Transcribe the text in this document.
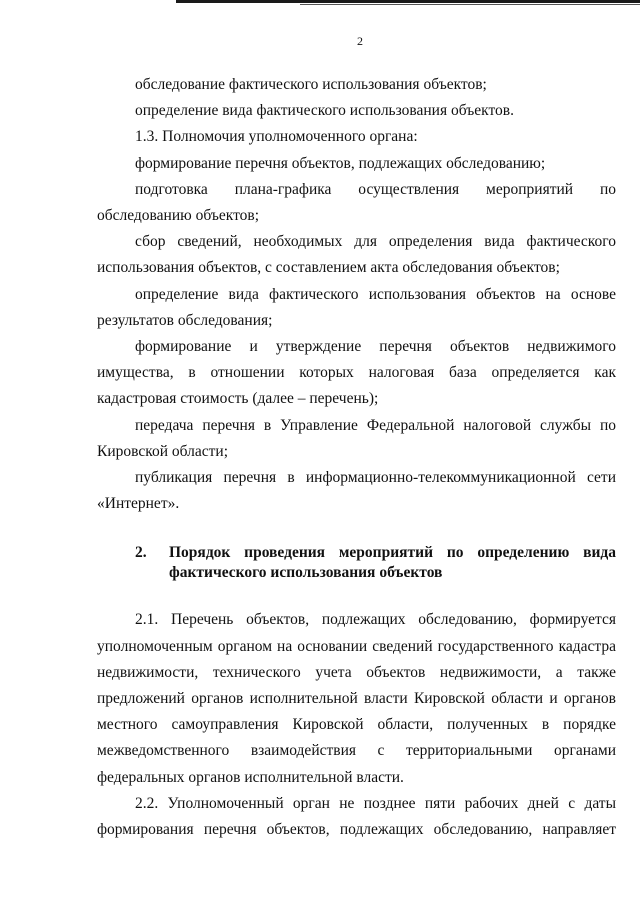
2

обследование фактического использования объектов;

определение вида фактического использования объектов.

1.3. Полномочия уполномоченного органа:

формирование перечня объектов, подлежащих обследованию;

подготовка плана-графика осуществления мероприятий по обследованию объектов;

сбор сведений, необходимых для определения вида фактического использования объектов, с составлением акта обследования объектов;

определение вида фактического использования объектов на основе результатов обследования;

формирование и утверждение перечня объектов недвижимого имущества, в отношении которых налоговая база определяется как кадастровая стоимость (далее – перечень);

передача перечня в Управление Федеральной налоговой службы по Кировской области;

публикация перечня в информационно-телекоммуникационной сети «Интернет».

2.	Порядок проведения мероприятий по определению вида
фактического использования объектов

2.1. Перечень объектов, подлежащих обследованию, формируется уполномоченным органом на основании сведений государственного кадастра недвижимости, технического учета объектов недвижимости, а также предложений органов исполнительной власти Кировской области и органов местного самоуправления Кировской области, полученных в порядке межведомственного взаимодействия с территориальными органами федеральных органов исполнительной власти.

2.2. Уполномоченный орган не позднее пяти рабочих дней с даты формирования перечня объектов, подлежащих обследованию, направляет
